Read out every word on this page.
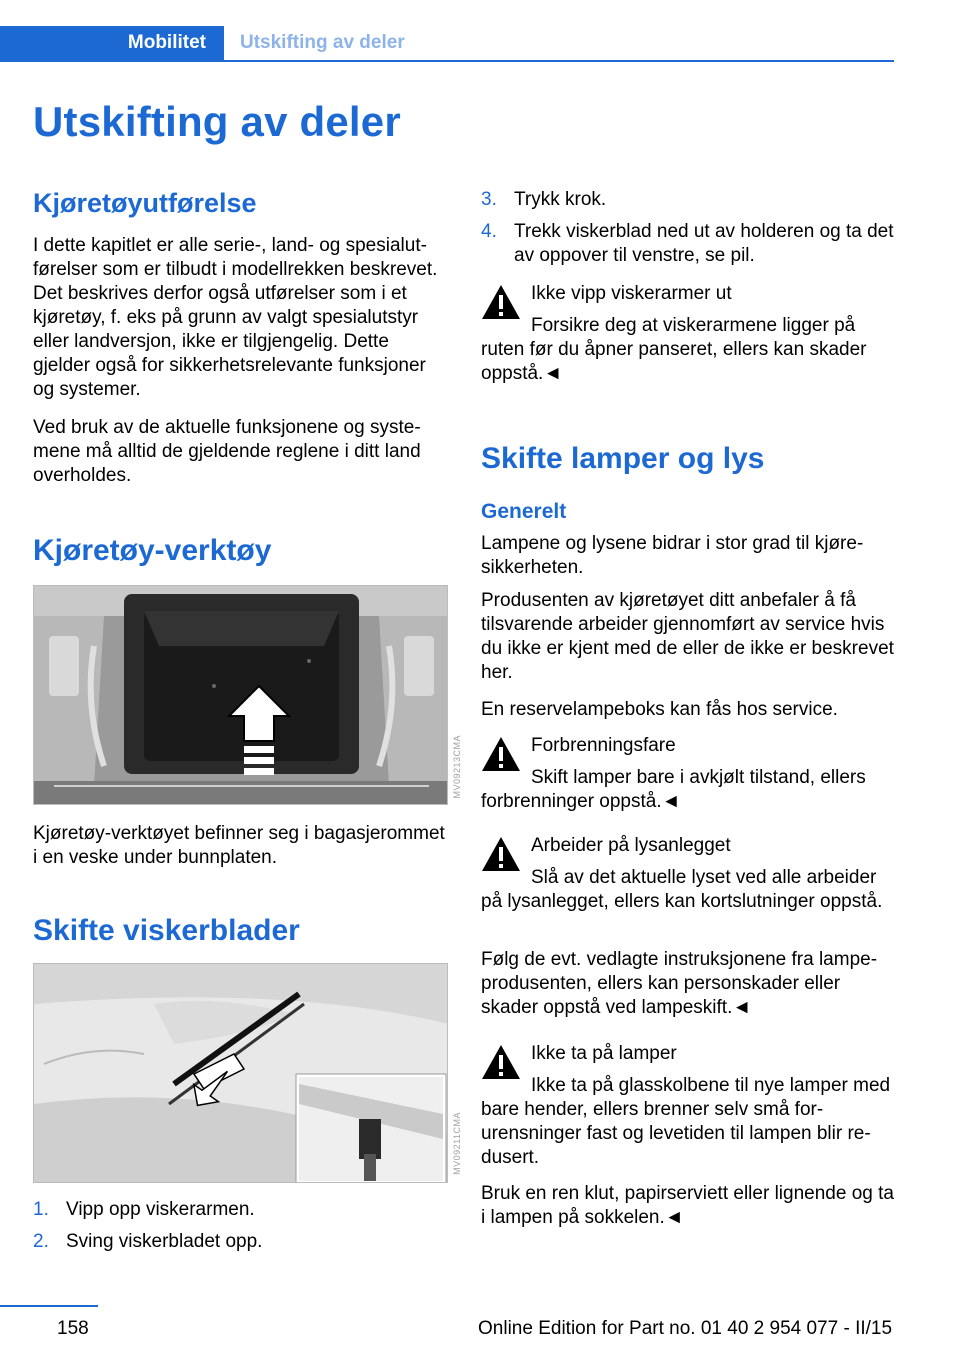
Mobilitet	Utskifting av deler
Utskifting av deler
Kjøretøyutførelse
I dette kapitlet er alle serie-, land- og spesialutførelser som er tilbudt i modellrekken beskrevet. Det beskrives derfor også utførelser som i et kjøretøy, f. eks på grunn av valgt spesialutstyr eller landversjon, ikke er tilgjengelig. Dette gjelder også for sikkerhetsrelevante funksjoner og systemer.
Ved bruk av de aktuelle funksjonene og systemene må alltid de gjeldende reglene i ditt land overholdes.
Kjøretøy-verktøy
MV09213CMA
Kjøretøy-verktøyet befinner seg i bagasjerommet i en veske under bunnplaten.
Skifte viskerblader
MV09211CMA
1. Vipp opp viskerarmen.
2. Sving viskerbladet opp.
3. Trykk krok.
4. Trekk viskerblad ned ut av holderen og ta det av oppover til venstre, se pil.
Ikke vipp viskerarmer ut
Forsikre deg at viskerarmene ligger på ruten før du åpner panseret, ellers kan skader oppstå.◄
Skifte lamper og lys
Generelt
Lampene og lysene bidrar i stor grad til kjøresikkerheten.
Produsenten av kjøretøyet ditt anbefaler å få tilsvarende arbeider gjennomført av service hvis du ikke er kjent med de eller de ikke er beskrevet her.
En reservelampeboks kan fås hos service.
Forbrenningsfare
Skift lamper bare i avkjølt tilstand, ellers forbrenninger oppstå.◄
Arbeider på lysanlegget
Slå av det aktuelle lyset ved alle arbeider på lysanlegget, ellers kan kortslutninger oppstå.
Følg de evt. vedlagte instruksjonene fra lampeprodusenten, ellers kan personskader eller skader oppstå ved lampeskift.◄
Ikke ta på lamper
Ikke ta på glasskolbene til nye lamper med bare hender, ellers brenner selv små forurensninger fast og levetiden til lampen blir redusert.
Bruk en ren klut, papirserviett eller lignende og ta i lampen på sokkelen.◄
158	Online Edition for Part no. 01 40 2 954 077 - II/15
